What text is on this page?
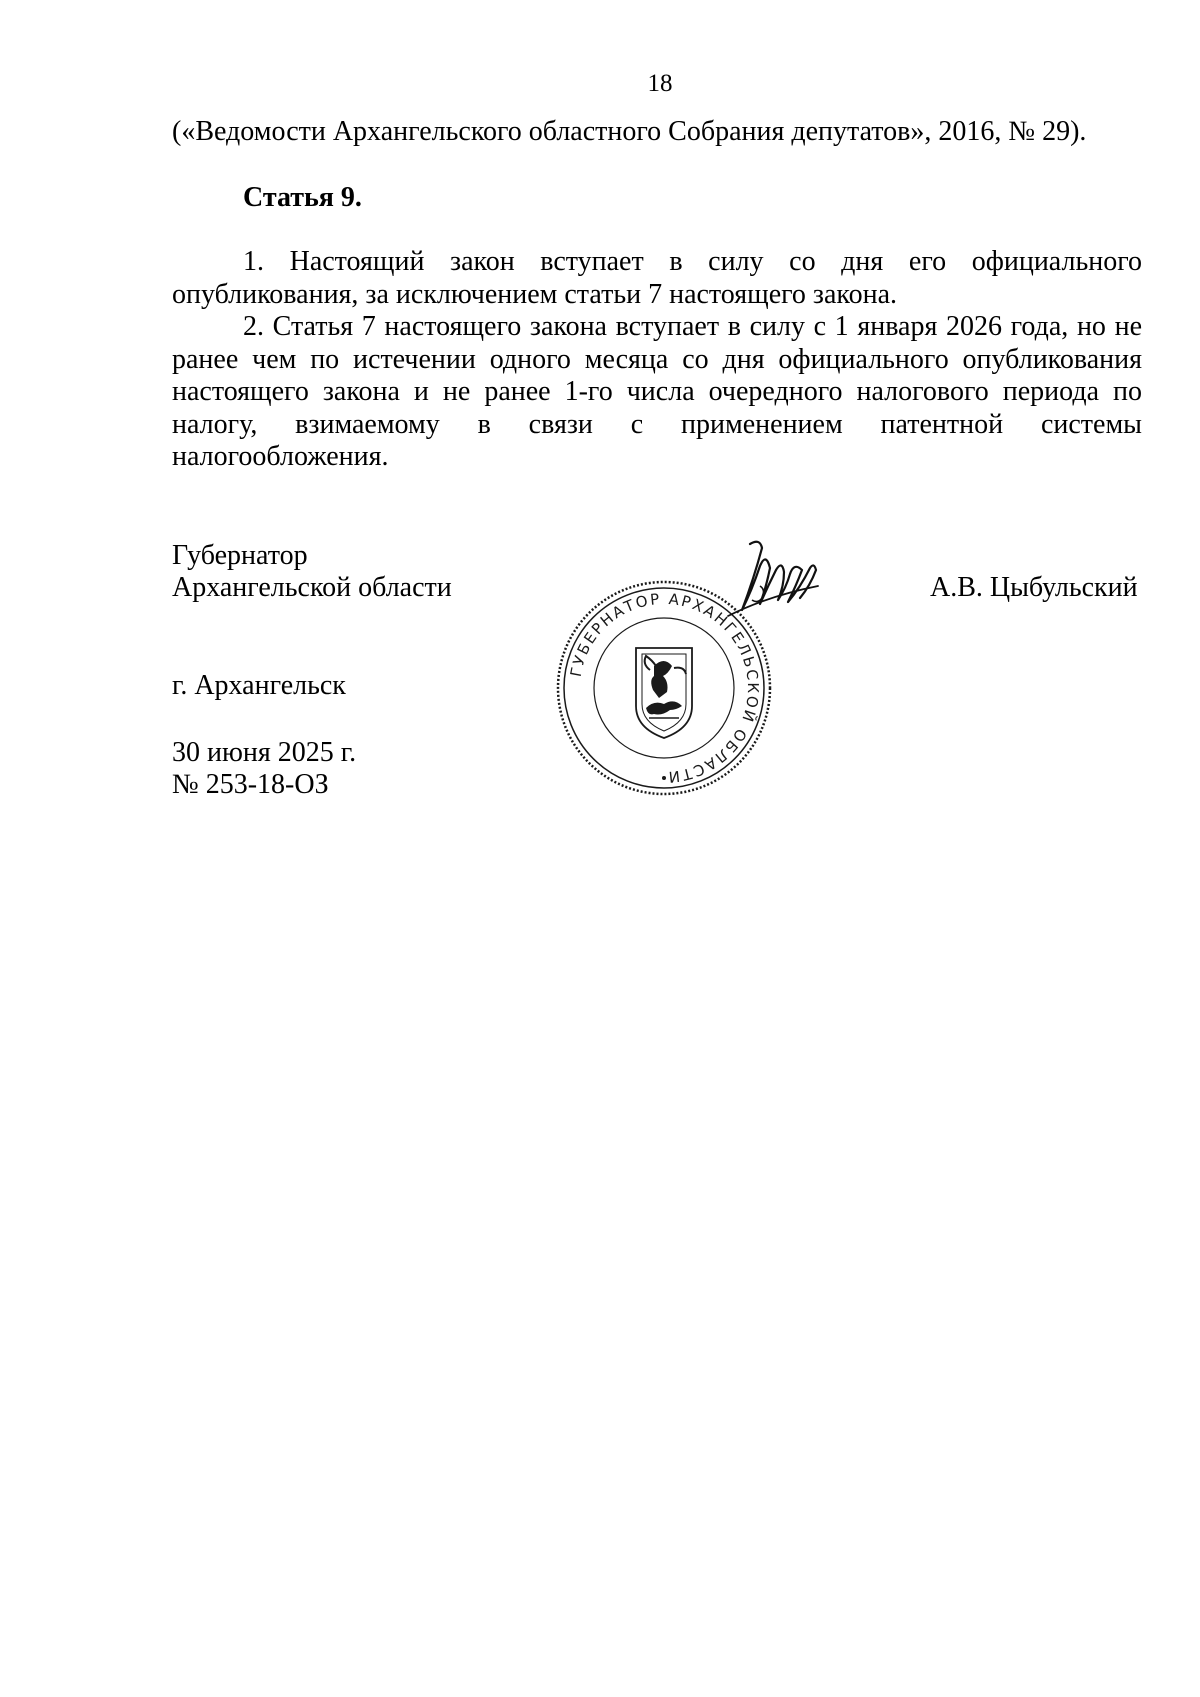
18
(«Ведомости Архангельского областного Собрания депутатов», 2016, № 29).
Статья 9.

1. Настоящий закон вступает в силу со дня его официального опубликования, за исключением статьи 7 настоящего закона.

2. Статья 7 настоящего закона вступает в силу с 1 января 2026 года, но не ранее чем по истечении одного месяца со дня официального опубликования настоящего закона и не ранее 1-го числа очередного налогового периода по налогу, взимаемому в связи с применением патентной системы налогообложения.

Губернатор
Архангельской области	А.В. Цыбульский
ГУБЕРНАТОР АРХАНГЕЛЬСКОЙ ОБЛАСТИ
г. Архангельск
30 июня 2025 г.
№ 253-18-ОЗ
